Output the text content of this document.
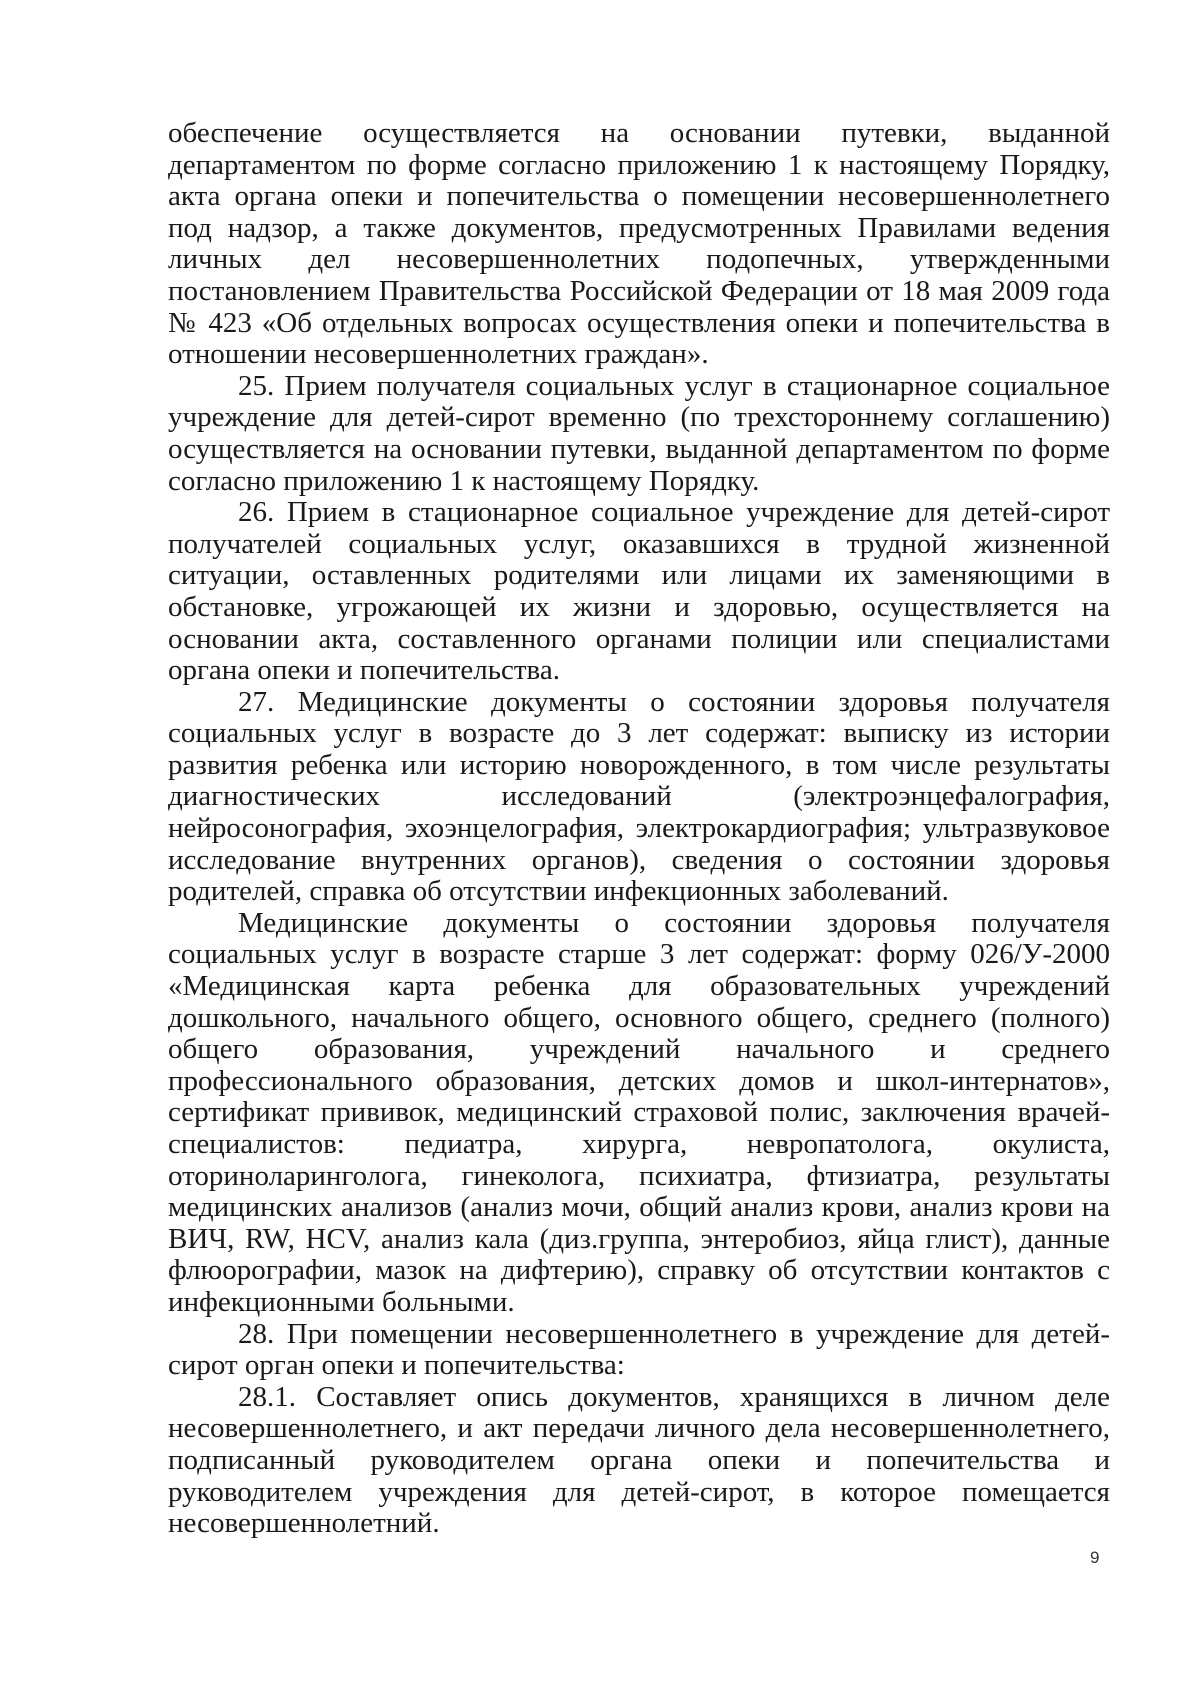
обеспечение осуществляется на основании путевки, выданной департаментом по форме согласно приложению 1 к настоящему Порядку, акта органа опеки и попечительства о помещении несовершеннолетнего под надзор, а также документов, предусмотренных Правилами ведения личных дел несовершеннолетних подопечных, утвержденными постановлением Правительства Российской Федерации от 18 мая 2009 года № 423 «Об отдельных вопросах осуществления опеки и попечительства в отношении несовершеннолетних граждан».

25. Прием получателя социальных услуг в стационарное социальное учреждение для детей-сирот временно (по трехстороннему соглашению) осуществляется на основании путевки, выданной департаментом по форме согласно приложению 1 к настоящему Порядку.

26. Прием в стационарное социальное учреждение для детей-сирот получателей социальных услуг, оказавшихся в трудной жизненной ситуации, оставленных родителями или лицами их заменяющими в обстановке, угрожающей их жизни и здоровью, осуществляется на основании акта, составленного органами полиции или специалистами органа опеки и попечительства.

27. Медицинские документы о состоянии здоровья получателя социальных услуг в возрасте до 3 лет содержат: выписку из истории развития ребенка или историю новорожденного, в том числе результаты диагностических исследований (электроэнцефалография, нейросонография, эхоэнцелография, электрокардиография; ультразвуковое исследование внутренних органов), сведения о состоянии здоровья родителей, справка об отсутствии инфекционных заболеваний.

Медицинские документы о состоянии здоровья получателя социальных услуг в возрасте старше 3 лет содержат: форму 026/У-2000 «Медицинская карта ребенка для образовательных учреждений дошкольного, начального общего, основного общего, среднего (полного) общего образования, учреждений начального и среднего профессионального образования, детских домов и школ-интернатов», сертификат прививок, медицинский страховой полис, заключения врачей-специалистов: педиатра, хирурга, невропатолога, окулиста, оториноларинголога, гинеколога, психиатра, фтизиатра, результаты медицинских анализов (анализ мочи, общий анализ крови, анализ крови на ВИЧ, RW, HCV, анализ кала (диз.группа, энтеробиоз, яйца глист), данные флюорографии, мазок на дифтерию), справку об отсутствии контактов с инфекционными больными.

28. При помещении несовершеннолетнего в учреждение для детей-сирот орган опеки и попечительства:

28.1. Составляет опись документов, хранящихся в личном деле несовершеннолетнего, и акт передачи личного дела несовершеннолетнего, подписанный руководителем органа опеки и попечительства и руководителем учреждения для детей-сирот, в которое помещается несовершеннолетний.

9
